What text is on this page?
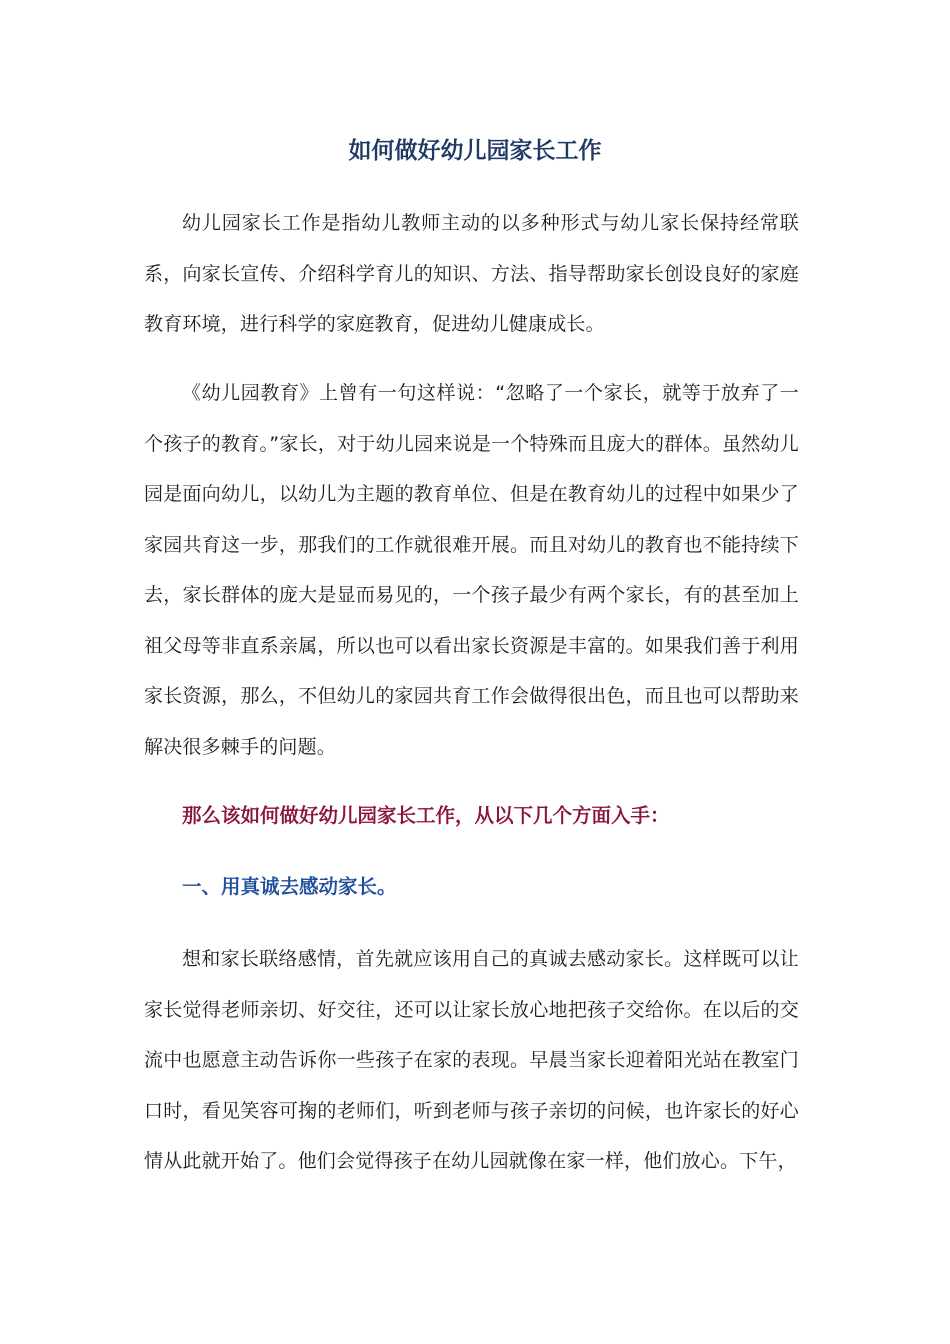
如何做好幼儿园家长工作

幼儿园家长工作是指幼儿教师主动的以多种形式与幼儿家长保持经常联系，向家长宣传、介绍科学育儿的知识、方法、指导帮助家长创设良好的家庭教育环境，进行科学的家庭教育，促进幼儿健康成长。

《幼儿园教育》上曾有一句这样说：“忽略了一个家长，就等于放弃了一个孩子的教育。”家长，对于幼儿园来说是一个特殊而且庞大的群体。虽然幼儿园是面向幼儿，以幼儿为主题的教育单位、但是在教育幼儿的过程中如果少了家园共育这一步，那我们的工作就很难开展。而且对幼儿的教育也不能持续下去，家长群体的庞大是显而易见的，一个孩子最少有两个家长，有的甚至加上祖父母等非直系亲属，所以也可以看出家长资源是丰富的。如果我们善于利用家长资源，那么，不但幼儿的家园共育工作会做得很出色，而且也可以帮助来解决很多棘手的问题。

那么该如何做好幼儿园家长工作，从以下几个方面入手：
一、用真诚去感动家长。

想和家长联络感情，首先就应该用自己的真诚去感动家长。这样既可以让家长觉得老师亲切、好交往，还可以让家长放心地把孩子交给你。在以后的交流中也愿意主动告诉你一些孩子在家的表现。早晨当家长迎着阳光站在教室门口时，看见笑容可掬的老师们，听到老师与孩子亲切的问候，也许家长的好心情从此就开始了。他们会觉得孩子在幼儿园就像在家一样，他们放心。下午，
